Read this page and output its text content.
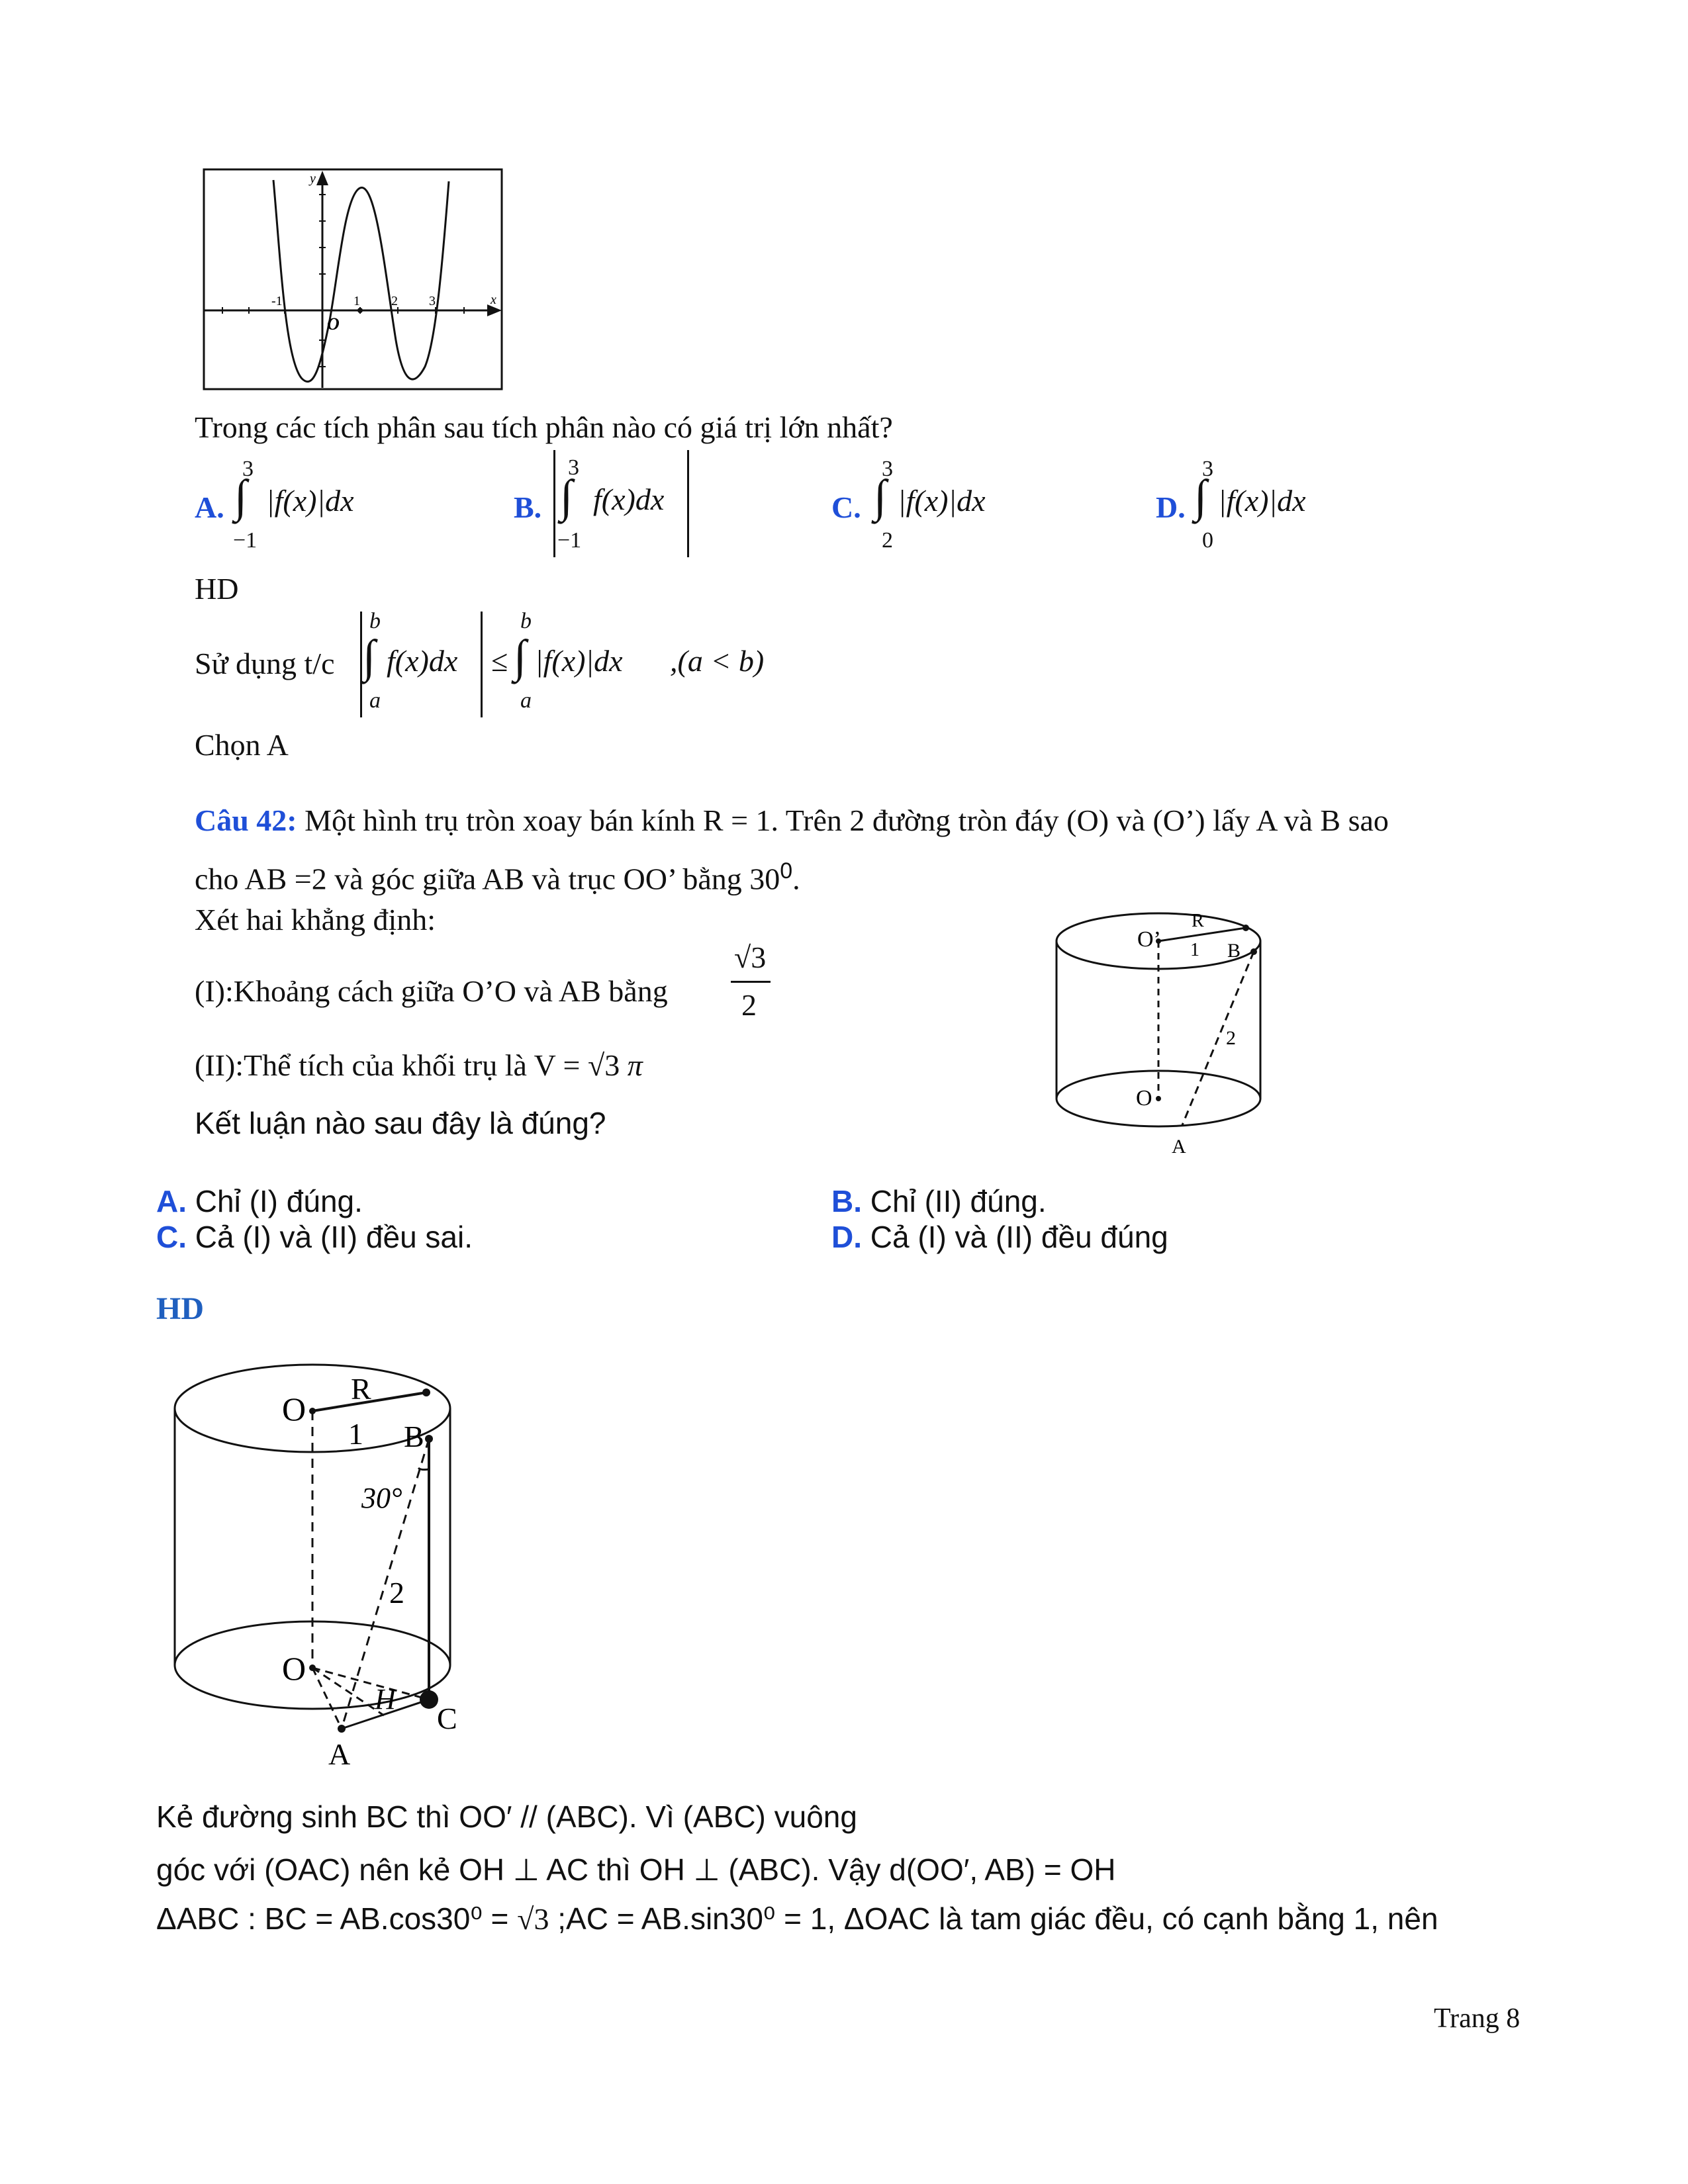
y
x
O
-1	1 2 3
Trong các tích phân sau tích phân nào có giá trị lớn nhất?
A.
3
∫
−1
|f(x)|dx	B.
3
∫
−1
f(x)dx	C.
3
∫
2
|f(x)|dx	D.
3
∫
0
|f(x)|dx
HD
Sử dụng t/c
b
∫
a
f(x)dx ≤
b
∫
a
|f(x)|dx ,(a < b)
Chọn A
Câu 42: Một hình trụ tròn xoay bán kính R = 1. Trên 2 đường tròn đáy (O) và (O’) lấy A và B sao
cho AB =2 và góc giữa AB và trục OO’ bằng $30^0$.
Xét hai khẳng định:
(I):Khoảng cách giữa O’O và AB bằng
√3
2
(II):Thể tích của khối trụ là V = √3 π
Kết luận nào sau đây là đúng?
O’
R
1 B
2
O
A
A. Chỉ (I) đúng.	B. Chỉ (II) đúng.
C. Cả (I) và (II) đều sai.	D. Cả (I) và (II) đều đúng
HD
O
R
1 B
30°
2
O
H
C
A
Kẻ đường sinh BC thì OO′ // (ABC). Vì (ABC) vuông
góc với (OAC) nên kẻ OH ⊥ AC thì OH ⊥ (ABC). Vậy d(OO′, AB) = OH
ΔABC : BC = AB.cos30⁰ = √3 ;AC = AB.sin30⁰ = 1, ΔOAC là tam giác đều, có cạnh bằng 1, nên
Trang 8
